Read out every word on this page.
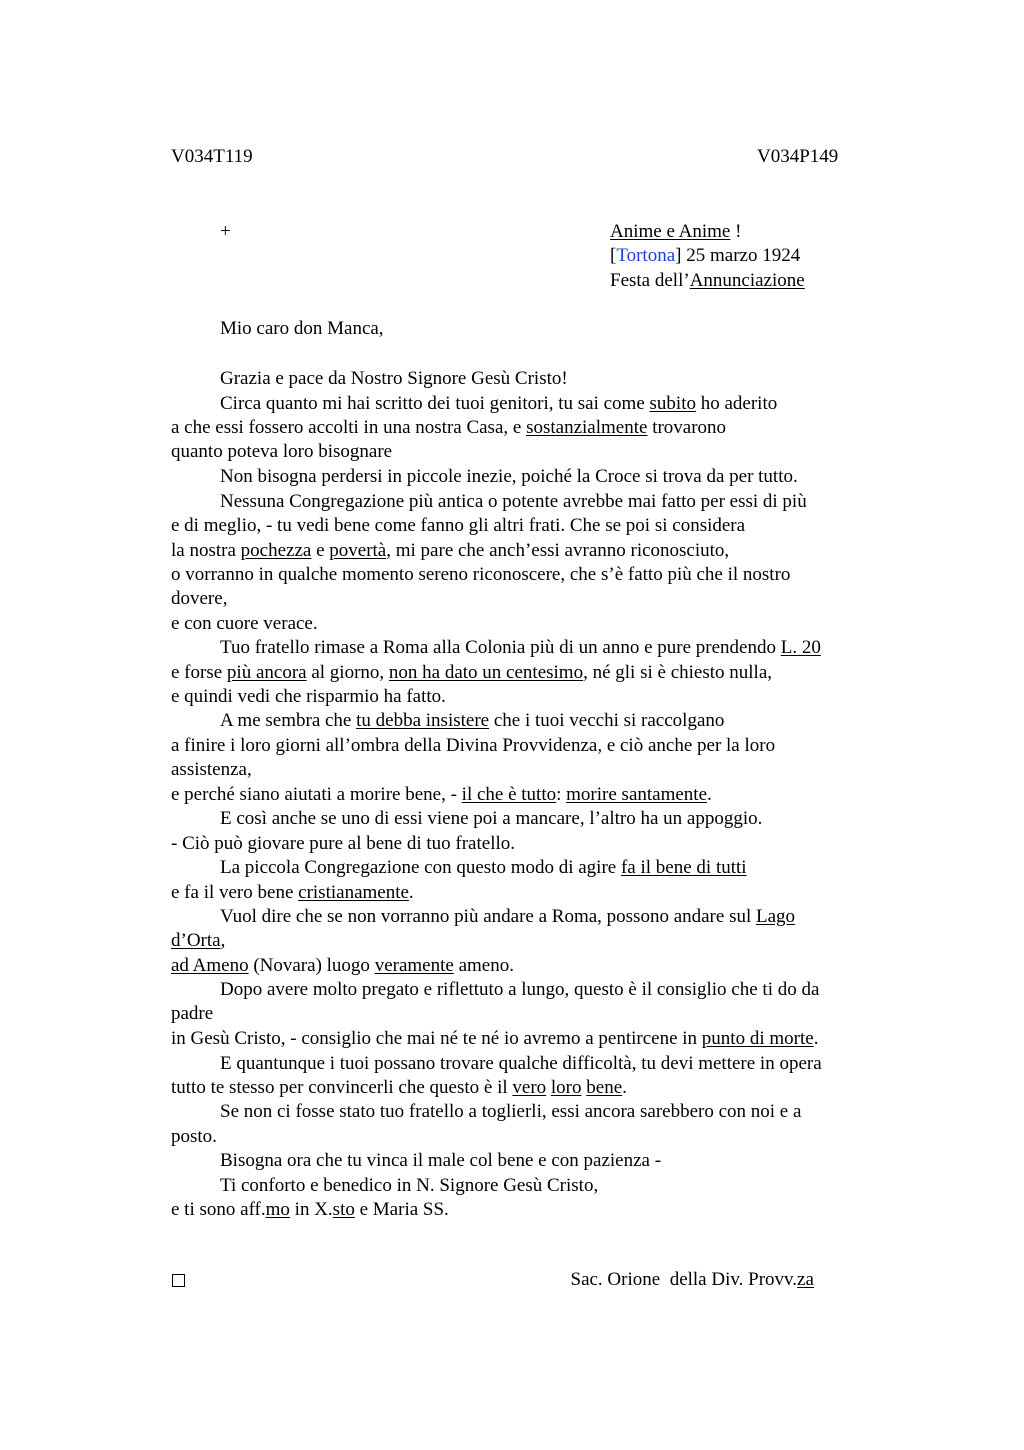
V034T119	V034P149
+	Anime e Anime !
[Tortona] 25 marzo 1924
Festa dell’Annunciazione
Mio caro don Manca,
Grazia e pace da Nostro Signore Gesù Cristo!
Circa quanto mi hai scritto dei tuoi genitori, tu sai come subito ho aderito
a che essi fossero accolti in una nostra Casa, e sostanzialmente trovarono
quanto poteva loro bisognare
Non bisogna perdersi in piccole inezie, poiché la Croce si trova da per tutto.
Nessuna Congregazione più antica o potente avrebbe mai fatto per essi di più
e di meglio, - tu vedi bene come fanno gli altri frati. Che se poi si considera
la nostra pochezza e povertà, mi pare che anch’essi avranno riconosciuto,
o vorranno in qualche momento sereno riconoscere, che s’è fatto più che il nostro
dovere,
e con cuore verace.
Tuo fratello rimase a Roma alla Colonia più di un anno e pure prendendo L. 20
e forse più ancora al giorno, non ha dato un centesimo, né gli si è chiesto nulla,
e quindi vedi che risparmio ha fatto.
A me sembra che tu debba insistere che i tuoi vecchi si raccolgano
a finire i loro giorni all’ombra della Divina Provvidenza, e ciò anche per la loro
assistenza,
e perché siano aiutati a morire bene, - il che è tutto: morire santamente.
E così anche se uno di essi viene poi a mancare, l’altro ha un appoggio.
- Ciò può giovare pure al bene di tuo fratello.
La piccola Congregazione con questo modo di agire fa il bene di tutti
e fa il vero bene cristianamente.
Vuol dire che se non vorranno più andare a Roma, possono andare sul Lago
d’Orta,
ad Ameno (Novara) luogo veramente ameno.
Dopo avere molto pregato e riflettuto a lungo, questo è il consiglio che ti do da
padre
in Gesù Cristo, - consiglio che mai né te né io avremo a pentircene in punto di morte.
E quantunque i tuoi possano trovare qualche difficoltà, tu devi mettere in opera
tutto te stesso per convincerli che questo è il vero loro bene.
Se non ci fosse stato tuo fratello a toglierli, essi ancora sarebbero con noi e a
posto.
Bisogna ora che tu vinca il male col bene e con pazienza -
Ti conforto e benedico in N. Signore Gesù Cristo,
e ti sono aff.mo in X.sto e Maria SS.

Sac. Orione  della Div. Provv.za
